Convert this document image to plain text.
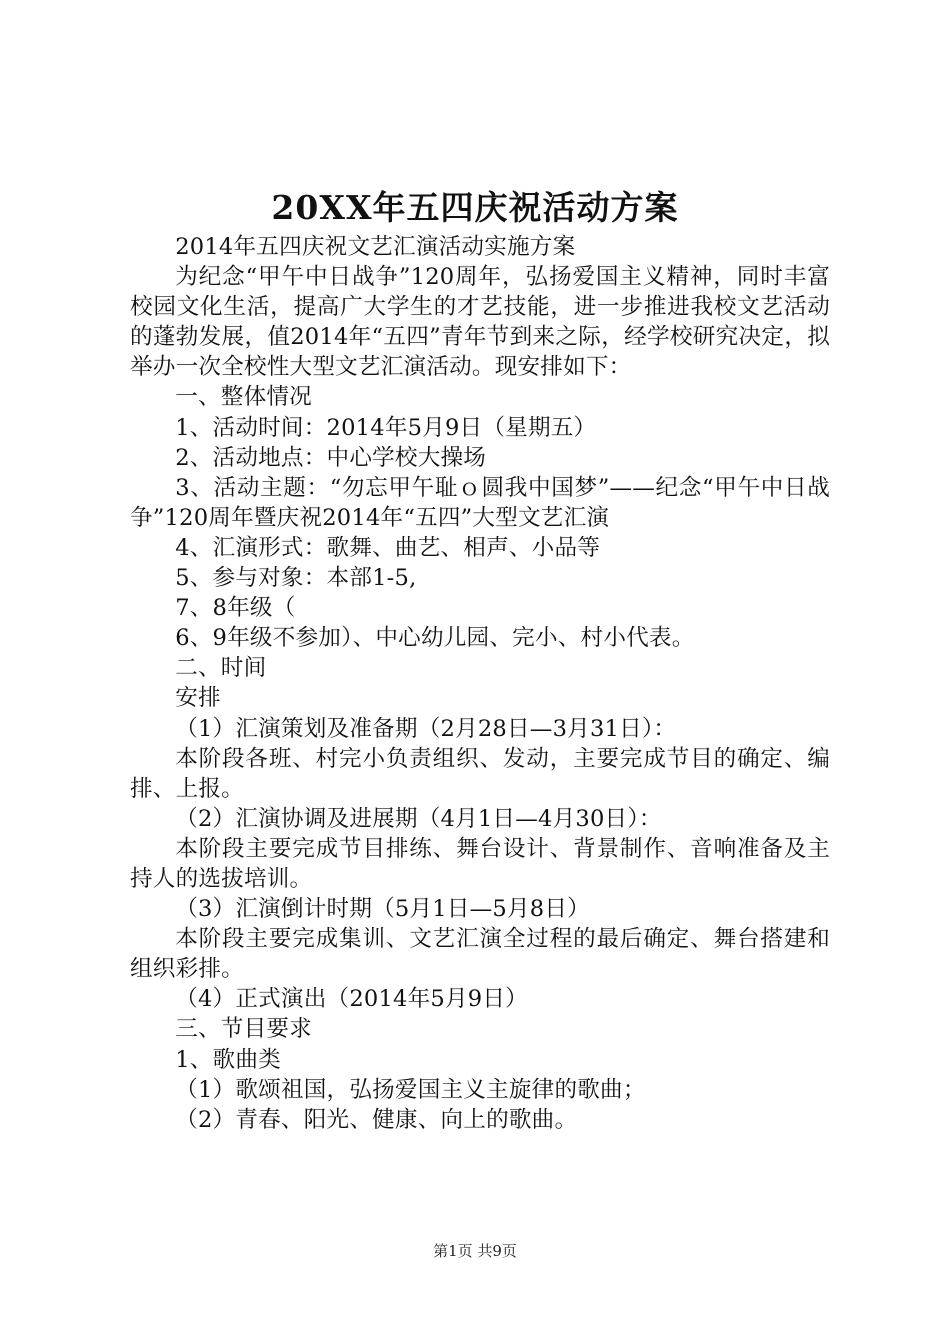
20XX年五四庆祝活动方案

2014年五四庆祝文艺汇演活动实施方案

为纪念“甲午中日战争”120周年，弘扬爱国主义精神，同时丰富校园文化生活，提高广大学生的才艺技能，进一步推进我校文艺活动的蓬勃发展，值2014年“五四”青年节到来之际，经学校研究决定，拟举办一次全校性大型文艺汇演活动。现安排如下：

一、整体情况

1、活动时间：2014年5月9日（星期五）

2、活动地点：中心学校大操场

3、活动主题：“勿忘甲午耻ｏ圆我中国梦”——纪念“甲午中日战争”120周年暨庆祝2014年“五四”大型文艺汇演

4、汇演形式：歌舞、曲艺、相声、小品等

5、参与对象：本部1-5,

7、8年级（

6、9年级不参加）、中心幼儿园、完小、村小代表。

二、时间

安排

（1）汇演策划及准备期（2月28日—3月31日）：

本阶段各班、村完小负责组织、发动，主要完成节目的确定、编排、上报。

（2）汇演协调及进展期（4月1日—4月30日）：

本阶段主要完成节目排练、舞台设计、背景制作、音响准备及主持人的选拔培训。

（3）汇演倒计时期（5月1日—5月8日）

本阶段主要完成集训、文艺汇演全过程的最后确定、舞台搭建和组织彩排。

（4）正式演出（2014年5月9日）

三、节目要求

1、歌曲类

（1）歌颂祖国，弘扬爱国主义主旋律的歌曲；

（2）青春、阳光、健康、向上的歌曲。

第1页 共9页
